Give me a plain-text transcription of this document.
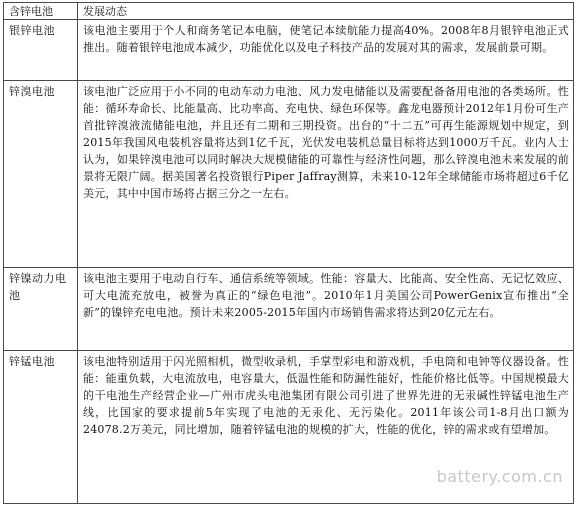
含锌电池	发展动态
银锌电池	该电池主要用于个人和商务笔记本电脑，使笔记本续航能力提高40%。2008年8月银锌电池正式推出。随着银锌电池成本减少，功能优化以及电子科技产品的发展对其的需求，发展前景可期。
锌溴电池	该电池广泛应用于小不同的电动车动力电池、风力发电储能以及需要配备备用电池的各类场所。性能：循环寿命长、比能量高、比功率高、充电快、绿色环保等。鑫龙电器预计2012年1月份可生产首批锌溴液流储能电池，并且还有二期和三期投资。出台的“十二五”可再生能源规划中规定，到2015年我国风电装机容量将达到1亿千瓦，光伏发电装机总量目标将达到1000万千瓦。业内人士认为，如果锌溴电池可以同时解决大规模储能的可靠性与经济性问题，那么锌溴电池未来发展的前景将无限广阔。据美国著名投资银行Piper Jaffray测算，未来10-12年全球储能市场将超过6千亿美元，其中中国市场将占据三分之一左右。
锌镍动力电池	该电池主要用于电动自行车、通信系统等领域。性能：容量大、比能高、安全性高、无记忆效应、可大电流充放电，被誉为真正的“绿色电池”。2010年1月美国公司PowerGenix宣布推出“全新”的镍锌充电电池。预计未来2005-2015年国内市场销售需求将达到20亿元左右。
锌锰电池	该电池特别适用于闪光照相机，微型收录机，手掌型彩电和游戏机，手电筒和电钟等仪器设备。性能：能重负载，大电流放电，电容量大，低温性能和防漏性能好，性能价格比低等。中国规模最大的干电池生产经营企业—广州市虎头电池集团有限公司引进了世界先进的无汞碱性锌锰电池生产线，比国家的要求提前5年实现了电池的无汞化、无污染化。2011年该公司1-8月出口额为24078.2万美元，同比增加，随着锌锰电池的规模的扩大，性能的优化，锌的需求或有望增加。
battery.com.cn
